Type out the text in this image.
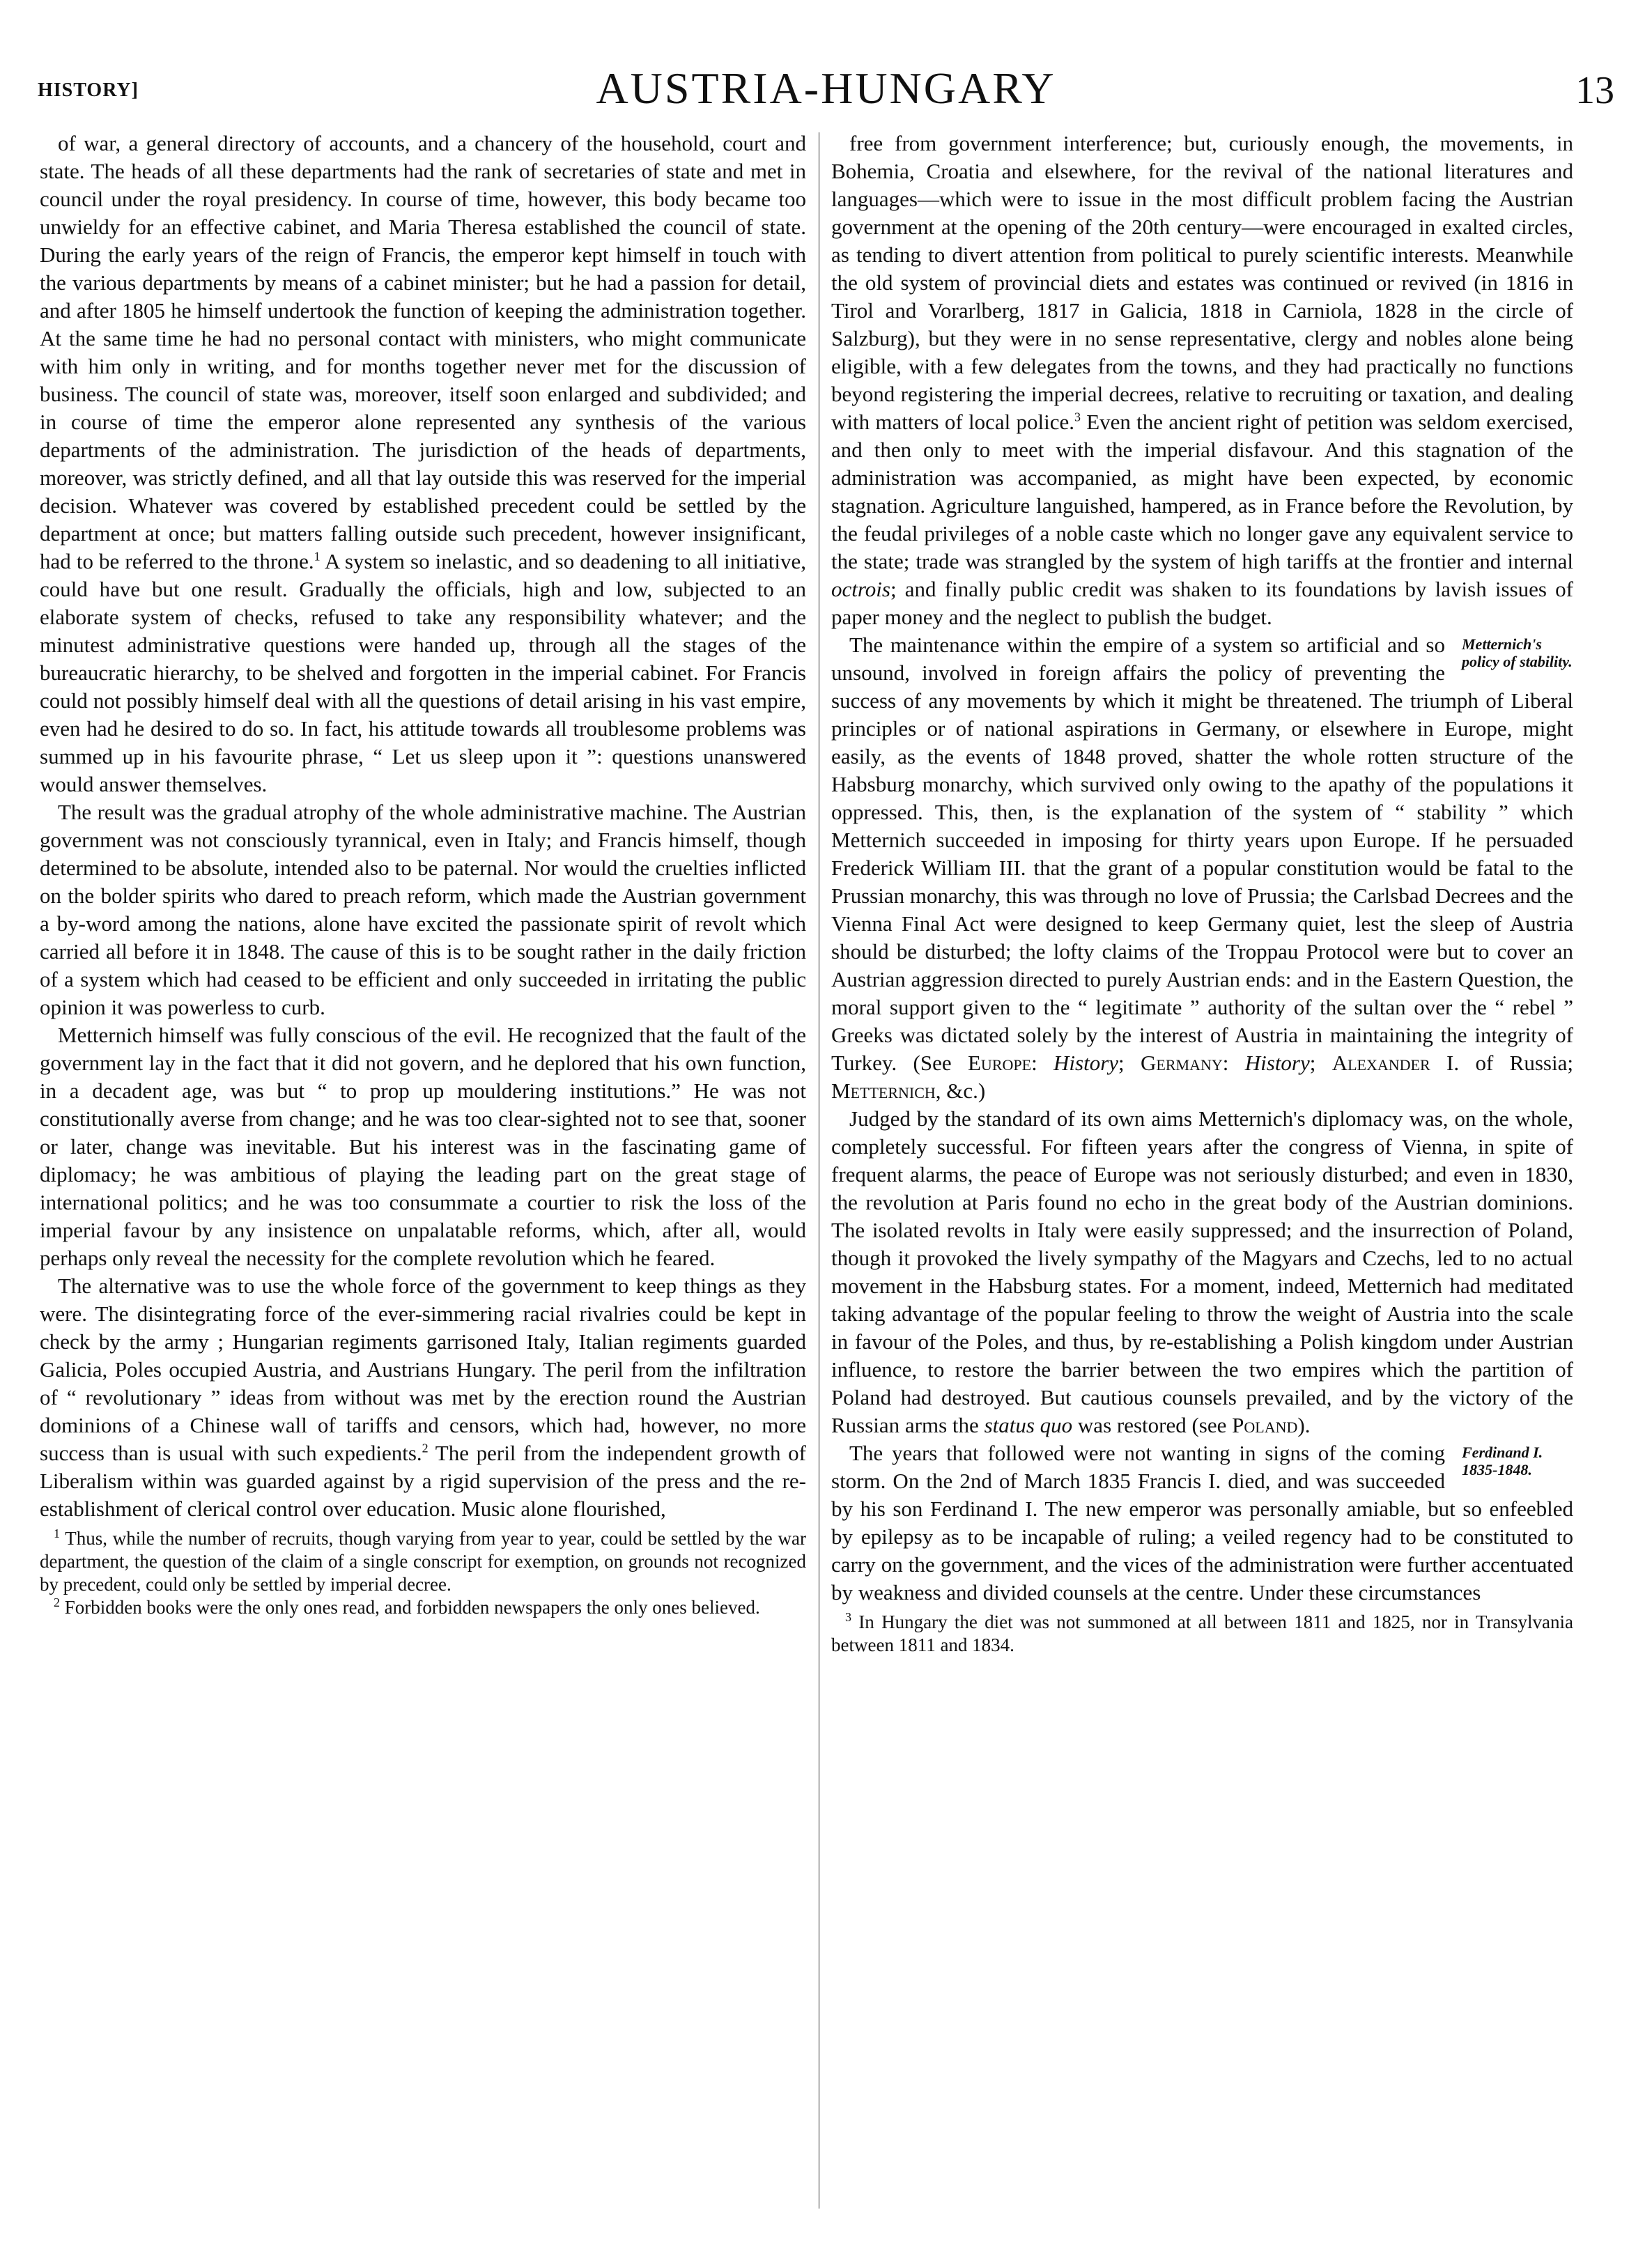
HISTORY]	AUSTRIA-HUNGARY	13

of war, a general directory of accounts, and a chancery of the household, court and state. The heads of all these departments had the rank of secretaries of state and met in council under the royal presidency. In course of time, however, this body became too unwieldy for an effective cabinet, and Maria Theresa established the council of state. During the early years of the reign of Francis, the emperor kept himself in touch with the various departments by means of a cabinet minister; but he had a passion for detail, and after 1805 he himself undertook the function of keeping the administration together. At the same time he had no personal contact with ministers, who might communicate with him only in writing, and for months together never met for the discussion of business. The council of state was, moreover, itself soon enlarged and subdivided; and in course of time the emperor alone represented any synthesis of the various departments of the administration. The jurisdiction of the heads of departments, moreover, was strictly defined, and all that lay outside this was reserved for the imperial decision. Whatever was covered by established precedent could be settled by the department at once; but matters falling outside such precedent, however insignificant, had to be referred to the throne.$^1$ A system so inelastic, and so deadening to all initiative, could have but one result. Gradually the officials, high and low, subjected to an elaborate system of checks, refused to take any responsibility whatever; and the minutest administrative questions were handed up, through all the stages of the bureaucratic hierarchy, to be shelved and forgotten in the imperial cabinet. For Francis could not possibly himself deal with all the questions of detail arising in his vast empire, even had he desired to do so. In fact, his attitude towards all troublesome problems was summed up in his favourite phrase, “ Let us sleep upon it ”: questions unanswered would answer themselves.

The result was the gradual atrophy of the whole administrative machine. The Austrian government was not consciously tyrannical, even in Italy; and Francis himself, though determined to be absolute, intended also to be paternal. Nor would the cruelties inflicted on the bolder spirits who dared to preach reform, which made the Austrian government a by-word among the nations, alone have excited the passionate spirit of revolt which carried all before it in 1848. The cause of this is to be sought rather in the daily friction of a system which had ceased to be efficient and only succeeded in irritating the public opinion it was powerless to curb.

Metternich himself was fully conscious of the evil. He recognized that the fault of the government lay in the fact that it did not govern, and he deplored that his own function, in a decadent age, was but “ to prop up mouldering institutions.” He was not constitutionally averse from change; and he was too clear-sighted not to see that, sooner or later, change was inevitable. But his interest was in the fascinating game of diplomacy; he was ambitious of playing the leading part on the great stage of international politics; and he was too consummate a courtier to risk the loss of the imperial favour by any insistence on unpalatable reforms, which, after all, would perhaps only reveal the necessity for the complete revolution which he feared.

The alternative was to use the whole force of the government to keep things as they were. The disintegrating force of the ever-simmering racial rivalries could be kept in check by the army ; Hungarian regiments garrisoned Italy, Italian regiments guarded Galicia, Poles occupied Austria, and Austrians Hungary. The peril from the infiltration of “ revolutionary ” ideas from without was met by the erection round the Austrian dominions of a Chinese wall of tariffs and censors, which had, however, no more success than is usual with such expedients.$^2$ The peril from the independent growth of Liberalism within was guarded against by a rigid supervision of the press and the re-establishment of clerical control over education. Music alone flourished,

$^1$ Thus, while the number of recruits, though varying from year to year, could be settled by the war department, the question of the claim of a single conscript for exemption, on grounds not recognized by precedent, could only be settled by imperial decree.

$^2$ Forbidden books were the only ones read, and forbidden newspapers the only ones believed.

free from government interference; but, curiously enough, the movements, in Bohemia, Croatia and elsewhere, for the revival of the national literatures and languages—which were to issue in the most difficult problem facing the Austrian government at the opening of the 20th century—were encouraged in exalted circles, as tending to divert attention from political to purely scientific interests. Meanwhile the old system of provincial diets and estates was continued or revived (in 1816 in Tirol and Vorarlberg, 1817 in Galicia, 1818 in Carniola, 1828 in the circle of Salzburg), but they were in no sense representative, clergy and nobles alone being eligible, with a few delegates from the towns, and they had practically no functions beyond registering the imperial decrees, relative to recruiting or taxation, and dealing with matters of local police.$^3$ Even the ancient right of petition was seldom exercised, and then only to meet with the imperial disfavour. And this stagnation of the administration was accompanied, as might have been expected, by economic stagnation. Agriculture languished, hampered, as in France before the Revolution, by the feudal privileges of a noble caste which no longer gave any equivalent service to the state; trade was strangled by the system of high tariffs at the frontier and internal octrois; and finally public credit was shaken to its foundations by lavish issues of paper money and the neglect to publish the budget.

Metternich's policy of stability.
The maintenance within the empire of a system so artificial and so unsound, involved in foreign affairs the policy of preventing the success of any movements by which it might be threatened. The triumph of Liberal principles or of national aspirations in Germany, or elsewhere in Europe, might easily, as the events of 1848 proved, shatter the whole rotten structure of the Habsburg monarchy, which survived only owing to the apathy of the populations it oppressed. This, then, is the explanation of the system of “ stability ” which Metternich succeeded in imposing for thirty years upon Europe. If he persuaded Frederick William III. that the grant of a popular constitution would be fatal to the Prussian monarchy, this was through no love of Prussia; the Carlsbad Decrees and the Vienna Final Act were designed to keep Germany quiet, lest the sleep of Austria should be disturbed; the lofty claims of the Troppau Protocol were but to cover an Austrian aggression directed to purely Austrian ends: and in the Eastern Question, the moral support given to the “ legitimate ” authority of the sultan over the “ rebel ” Greeks was dictated solely by the interest of Austria in maintaining the integrity of Turkey. (See Europe: History; Germany: History; Alexander I. of Russia; Metternich, &c.)

Judged by the standard of its own aims Metternich's diplomacy was, on the whole, completely successful. For fifteen years after the congress of Vienna, in spite of frequent alarms, the peace of Europe was not seriously disturbed; and even in 1830, the revolution at Paris found no echo in the great body of the Austrian dominions. The isolated revolts in Italy were easily suppressed; and the insurrection of Poland, though it provoked the lively sympathy of the Magyars and Czechs, led to no actual movement in the Habsburg states. For a moment, indeed, Metternich had meditated taking advantage of the popular feeling to throw the weight of Austria into the scale in favour of the Poles, and thus, by re-establishing a Polish kingdom under Austrian influence, to restore the barrier between the two empires which the partition of Poland had destroyed. But cautious counsels prevailed, and by the victory of the Russian arms the status quo was restored (see Poland).

Ferdinand I. 1835-1848.
The years that followed were not wanting in signs of the coming storm. On the 2nd of March 1835 Francis I. died, and was succeeded by his son Ferdinand I. The new emperor was personally amiable, but so enfeebled by epilepsy as to be incapable of ruling; a veiled regency had to be constituted to carry on the government, and the vices of the administration were further accentuated by weakness and divided counsels at the centre. Under these circumstances

$^3$ In Hungary the diet was not summoned at all between 1811 and 1825, nor in Transylvania between 1811 and 1834.
